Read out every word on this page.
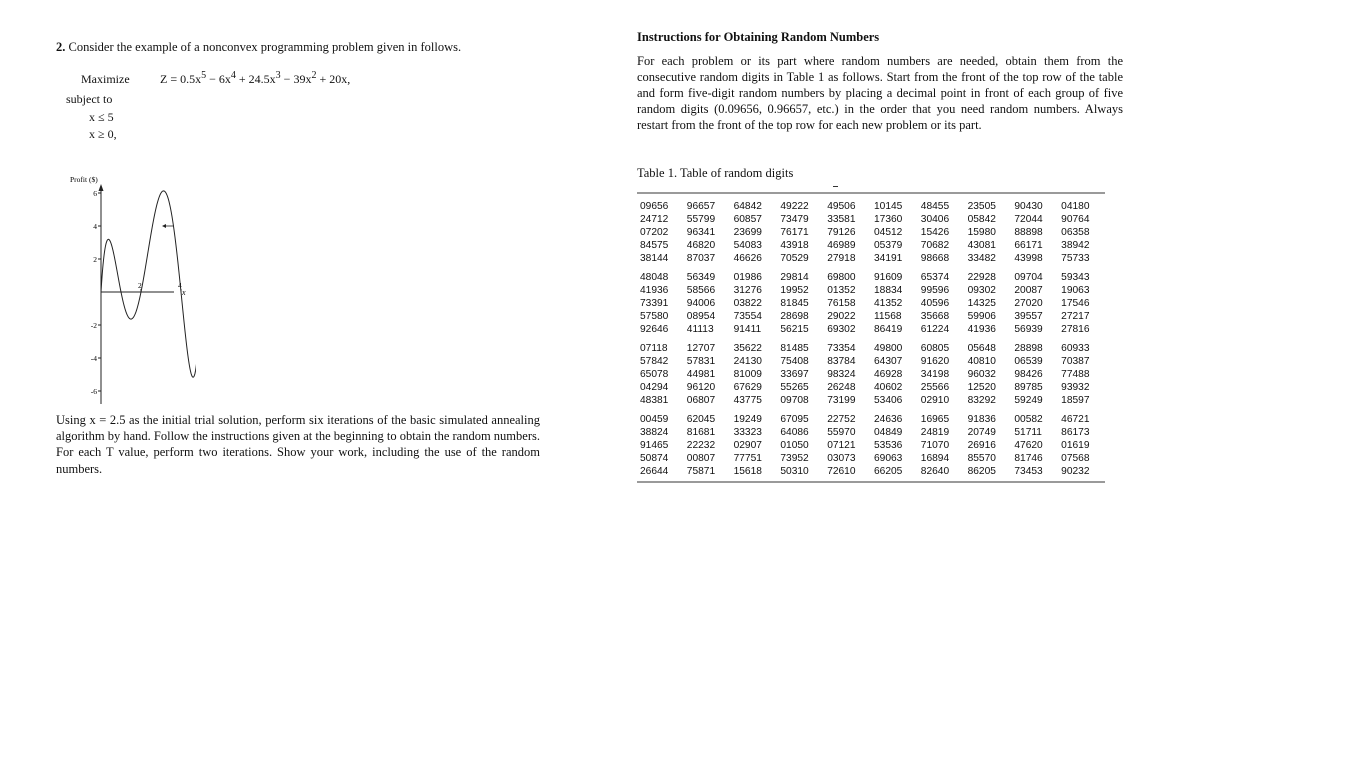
2. Consider the example of a nonconvex programming problem given in follows.

Maximize	$Z = 0.5x^5 - 6x^4 + 24.5x^3 - 39x^2 + 20x$,
subject to
x ≤ 5
x ≥ 0,
Profit ($)
6
4
2
-2
-4
-6
2	4
x
Using x = 2.5 as the initial trial solution, perform six iterations of the basic simulated annealing algorithm by hand. Follow the instructions given at the beginning to obtain the random numbers. For each T value, perform two iterations. Show your work, including the use of the random numbers.

Instructions for Obtaining Random Numbers

For each problem or its part where random numbers are needed, obtain them from the consecutive random digits in Table 1 as follows. Start from the front of the top row of the table and form five-digit random numbers by placing a decimal point in front of each group of five random digits (0.09656, 0.96657, etc.) in the order that you need random numbers. Always restart from the front of the top row for each new problem or its part.
Table 1. Table of random digits
09656	96657	64842	49222	49506	10145	48455	23505	90430	04180
24712	55799	60857	73479	33581	17360	30406	05842	72044	90764
07202	96341	23699	76171	79126	04512	15426	15980	88898	06358
84575	46820	54083	43918	46989	05379	70682	43081	66171	38942
38144	87037	46626	70529	27918	34191	98668	33482	43998	75733

48048	56349	01986	29814	69800	91609	65374	22928	09704	59343
41936	58566	31276	19952	01352	18834	99596	09302	20087	19063
73391	94006	03822	81845	76158	41352	40596	14325	27020	17546
57580	08954	73554	28698	29022	11568	35668	59906	39557	27217
92646	41113	91411	56215	69302	86419	61224	41936	56939	27816

07118	12707	35622	81485	73354	49800	60805	05648	28898	60933
57842	57831	24130	75408	83784	64307	91620	40810	06539	70387
65078	44981	81009	33697	98324	46928	34198	96032	98426	77488
04294	96120	67629	55265	26248	40602	25566	12520	89785	93932
48381	06807	43775	09708	73199	53406	02910	83292	59249	18597

00459	62045	19249	67095	22752	24636	16965	91836	00582	46721
38824	81681	33323	64086	55970	04849	24819	20749	51711	86173
91465	22232	02907	01050	07121	53536	71070	26916	47620	01619
50874	00807	77751	73952	03073	69063	16894	85570	81746	07568
26644	75871	15618	50310	72610	66205	82640	86205	73453	90232
